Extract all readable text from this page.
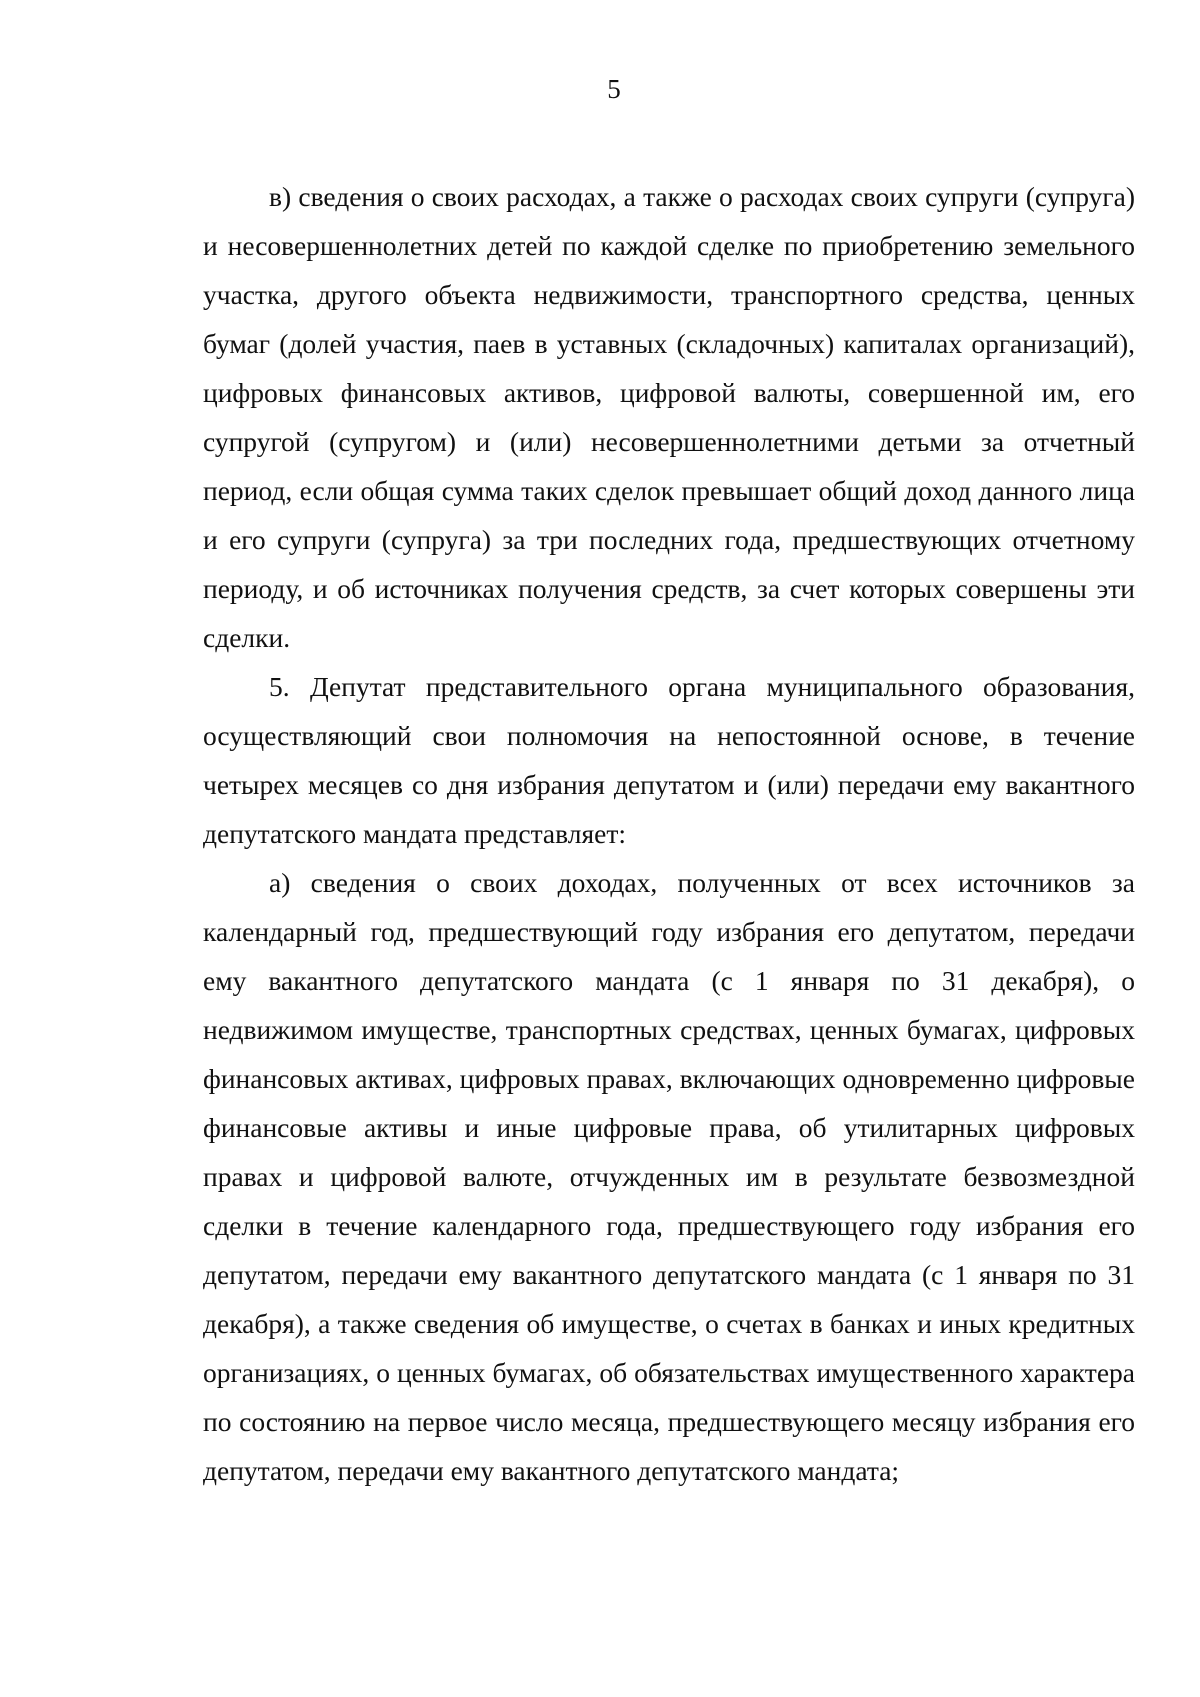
5

в) сведения о своих расходах, а также о расходах своих супруги (супруга) и несовершеннолетних детей по каждой сделке по приобретению земельного участка, другого объекта недвижимости, транспортного средства, ценных бумаг (долей участия, паев в уставных (складочных) капиталах организаций), цифровых финансовых активов, цифровой валюты, совершенной им, его супругой (супругом) и (или) несовершеннолетними детьми за отчетный период, если общая сумма таких сделок превышает общий доход данного лица и его супруги (супруга) за три последних года, предшествующих отчетному периоду, и об источниках получения средств, за счет которых совершены эти сделки.

5. Депутат представительного органа муниципального образования, осуществляющий свои полномочия на непостоянной основе, в течение четырех месяцев со дня избрания депутатом и (или) передачи ему вакантного депутатского мандата представляет:

а) сведения о своих доходах, полученных от всех источников за календарный год, предшествующий году избрания его депутатом, передачи ему вакантного депутатского мандата (с 1 января по 31 декабря), о недвижимом имуществе, транспортных средствах, ценных бумагах, цифровых финансовых активах, цифровых правах, включающих одновременно цифровые финансовые активы и иные цифровые права, об утилитарных цифровых правах и цифровой валюте, отчужденных им в результате безвозмездной сделки в течение календарного года, предшествующего году избрания его депутатом, передачи ему вакантного депутатского мандата (с 1 января по 31 декабря), а также сведения об имуществе, о счетах в банках и иных кредитных организациях, о ценных бумагах, об обязательствах имущественного характера по состоянию на первое число месяца, предшествующего месяцу избрания его депутатом, передачи ему вакантного депутатского мандата;
